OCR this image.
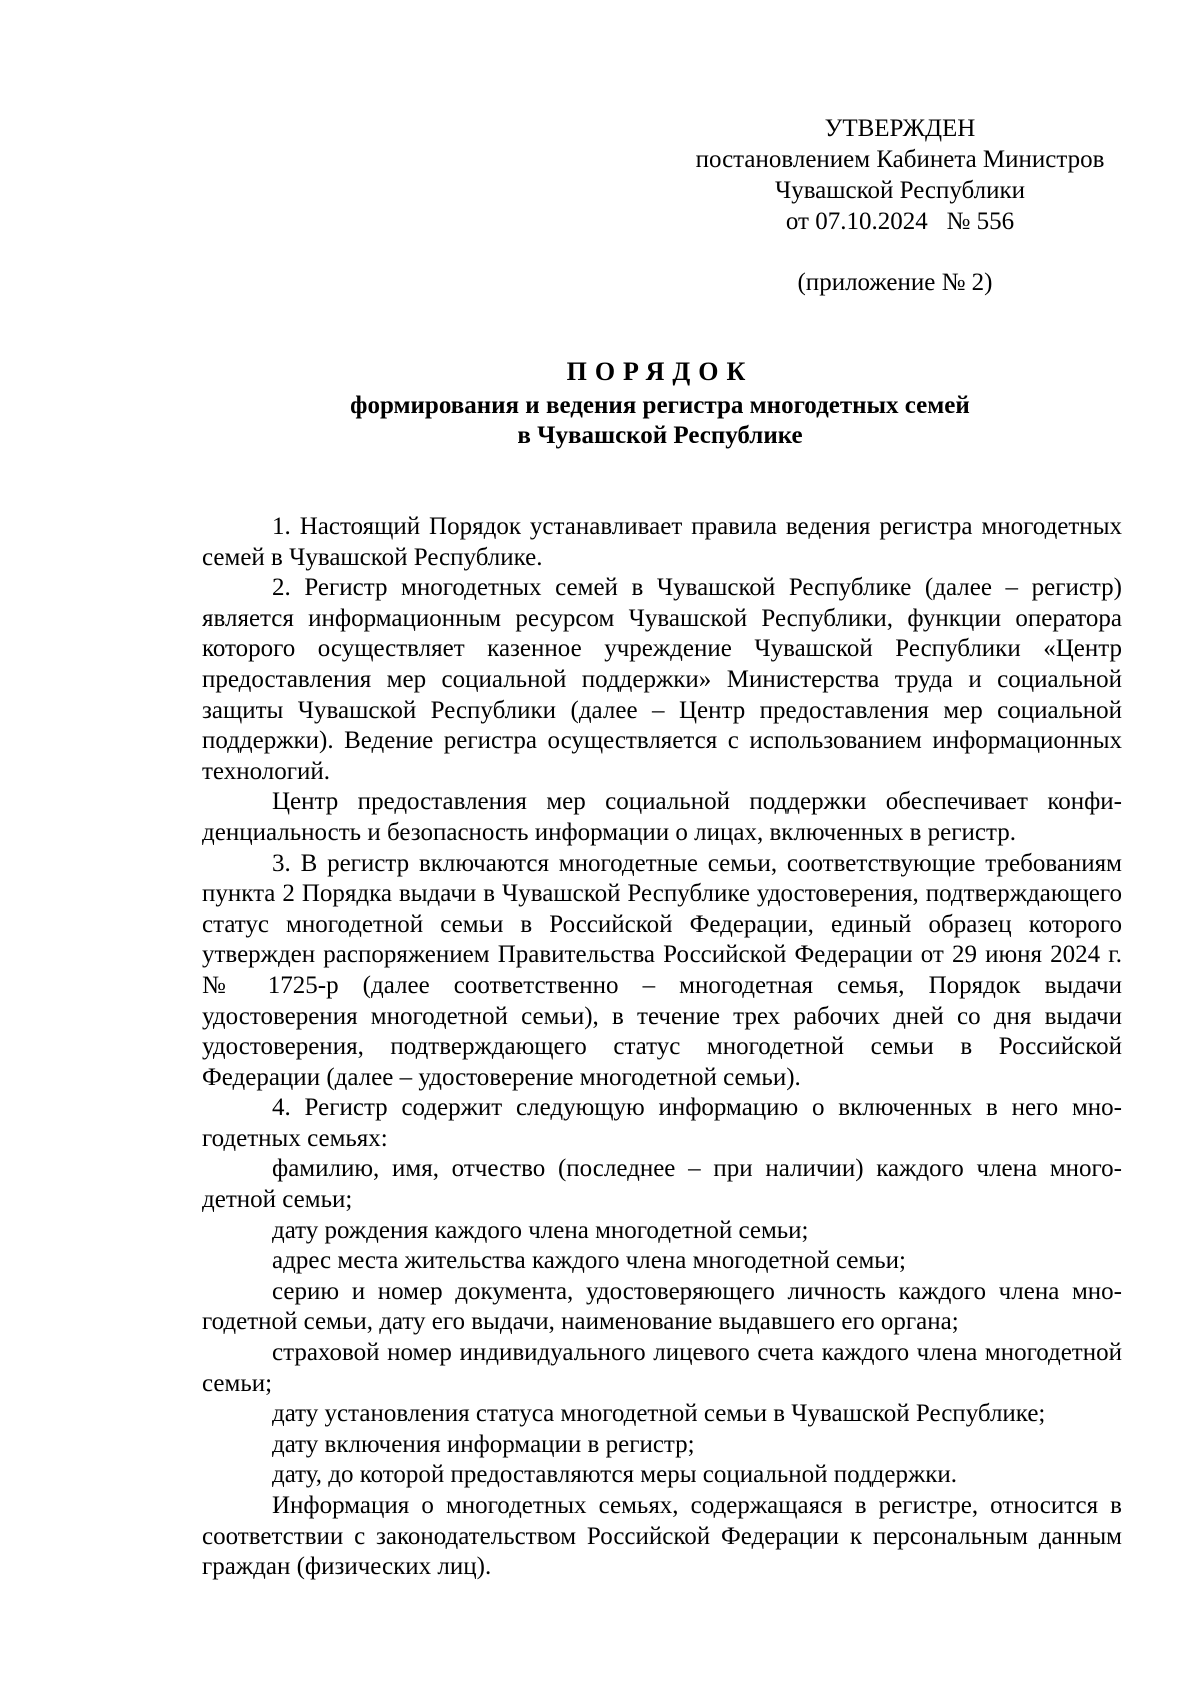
УТВЕРЖДЕН
постановлением Кабинета Министров
Чувашской Республики
от 07.10.2024   № 556
(приложение № 2)
ПОРЯДОК
формирования и ведения регистра многодетных семей
в Чувашской Республике

1. Настоящий Порядок устанавливает правила ведения регистра многодетных семей в Чувашской Республике.

2. Регистр многодетных семей в Чувашской Республике (далее – регистр) является информационным ресурсом Чувашской Республики, функции оператора которого осуществляет казенное учреждение Чувашской Республики «Центр предоставления мер социальной поддержки» Министерства труда и социальной защиты Чувашской Республики (далее – Центр предоставления мер социальной поддержки). Ведение регистра осуществляется с использованием информационных технологий.

Центр предоставления мер социальной поддержки обеспечивает конфиденциальность и безопасность информации о лицах, включенных в регистр.

3. В регистр включаются многодетные семьи, соответствующие требованиям пункта 2 Порядка выдачи в Чувашской Республике удостоверения, подтверждающего статус многодетной семьи в Российской Федерации, единый образец которого утвержден распоряжением Правительства Российской Федерации от 29 июня 2024 г. № 1725-р (далее соответственно – многодетная семья, Порядок выдачи удостоверения многодетной семьи), в течение трех рабочих дней со дня выдачи удостоверения, подтверждающего статус многодетной семьи в Российской Федерации (далее – удостоверение многодетной семьи).

4. Регистр содержит следующую информацию о включенных в него многодетных семьях:

фамилию, имя, отчество (последнее – при наличии) каждого члена многодетной семьи;

дату рождения каждого члена многодетной семьи;

адрес места жительства каждого члена многодетной семьи;

серию и номер документа, удостоверяющего личность каждого члена многодетной семьи, дату его выдачи, наименование выдавшего его органа;

страховой номер индивидуального лицевого счета каждого члена многодетной семьи;

дату установления статуса многодетной семьи в Чувашской Республике;

дату включения информации в регистр;

дату, до которой предоставляются меры социальной поддержки.

Информация о многодетных семьях, содержащаяся в регистре, относится в соответствии с законодательством Российской Федерации к персональным данным граждан (физических лиц).
